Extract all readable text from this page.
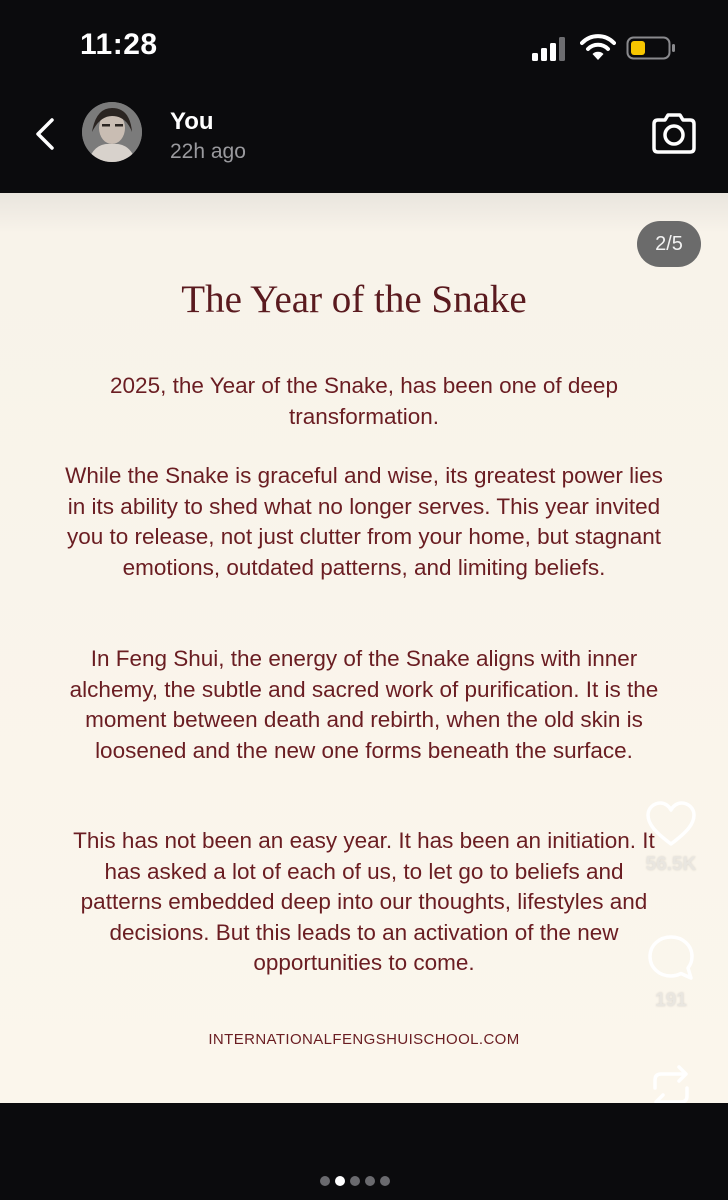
11:28
You
22h ago
2/5
The Year of the Snake

2025, the Year of the Snake, has been one of deep transformation.

While the Snake is graceful and wise, its greatest power lies in its ability to shed what no longer serves. This year invited you to release, not just clutter from your home, but stagnant emotions, outdated patterns, and limiting beliefs.

In Feng Shui, the energy of the Snake aligns with inner alchemy, the subtle and sacred work of purification. It is the moment between death and rebirth, when the old skin is loosened and the new one forms beneath the surface.

This has not been an easy year. It has been an initiation. It has asked a lot of each of us, to let go to beliefs and patterns embedded deep into our thoughts, lifestyles and decisions. But this leads to an activation of the new opportunities to come.

INTERNATIONALFENGSHUISCHOOL.COM
56.5K
191
